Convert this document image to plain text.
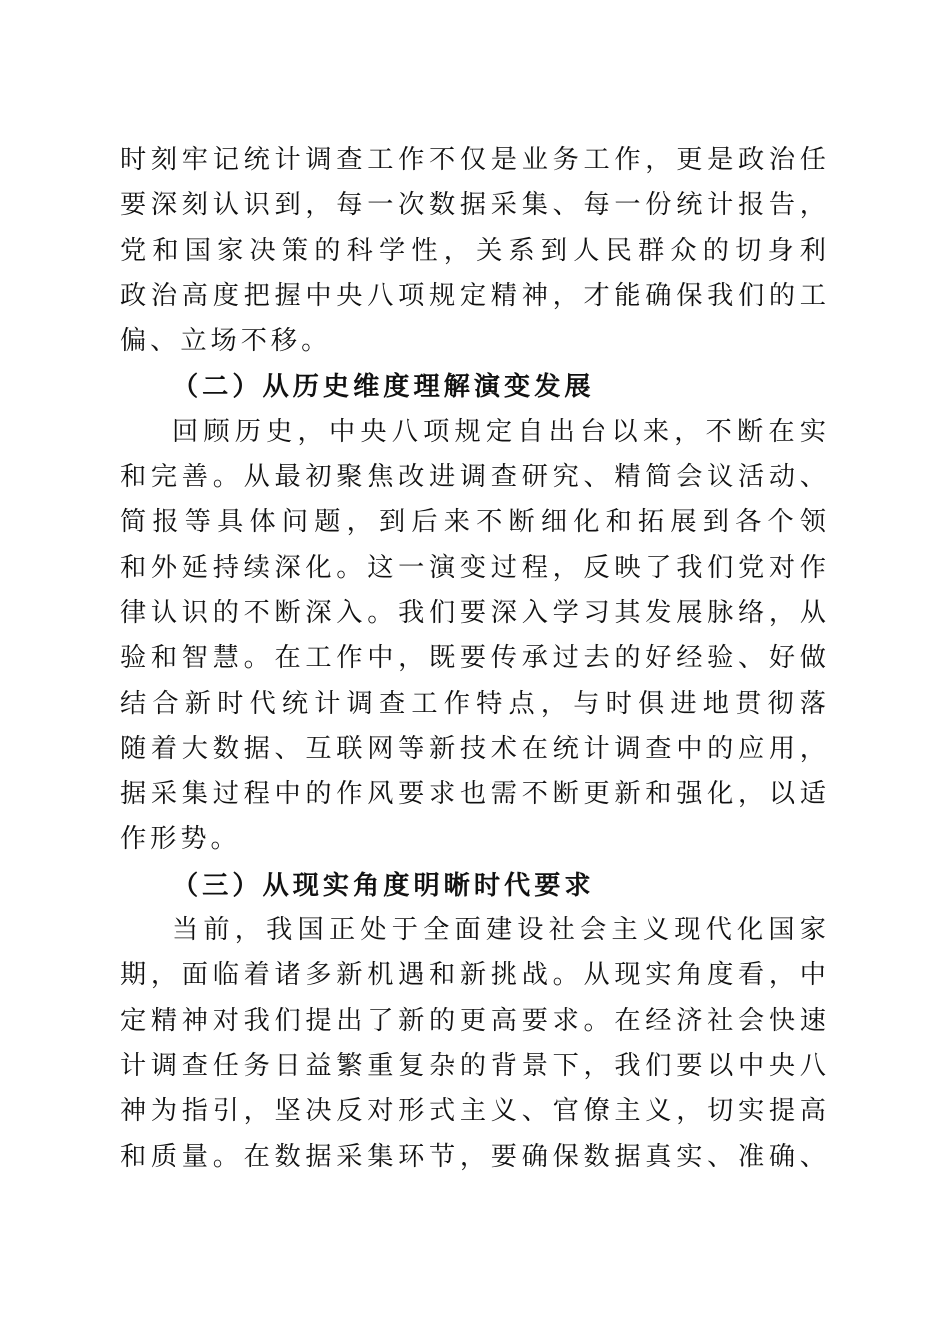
时刻牢记统计调查工作不仅是业务工作，更是政治任
要深刻认识到，每一次数据采集、每一份统计报告，
党和国家决策的科学性，关系到人民群众的切身利
政治高度把握中央八项规定精神，才能确保我们的工
偏、立场不移。
（二）从历史维度理解演变发展
回顾历史，中央八项规定自出台以来，不断在实
和完善。从最初聚焦改进调查研究、精简会议活动、
简报等具体问题，到后来不断细化和拓展到各个领
和外延持续深化。这一演变过程，反映了我们党对作
律认识的不断深入。我们要深入学习其发展脉络，从
验和智慧。在工作中，既要传承过去的好经验、好做
结合新时代统计调查工作特点，与时俱进地贯彻落
随着大数据、互联网等新技术在统计调查中的应用，
据采集过程中的作风要求也需不断更新和强化，以适
作形势。
（三）从现实角度明晰时代要求
当前，我国正处于全面建设社会主义现代化国家
期，面临着诸多新机遇和新挑战。从现实角度看，中
定精神对我们提出了新的更高要求。在经济社会快速
计调查任务日益繁重复杂的背景下，我们要以中央八
神为指引，坚决反对形式主义、官僚主义，切实提高
和质量。在数据采集环节，要确保数据真实、准确、
